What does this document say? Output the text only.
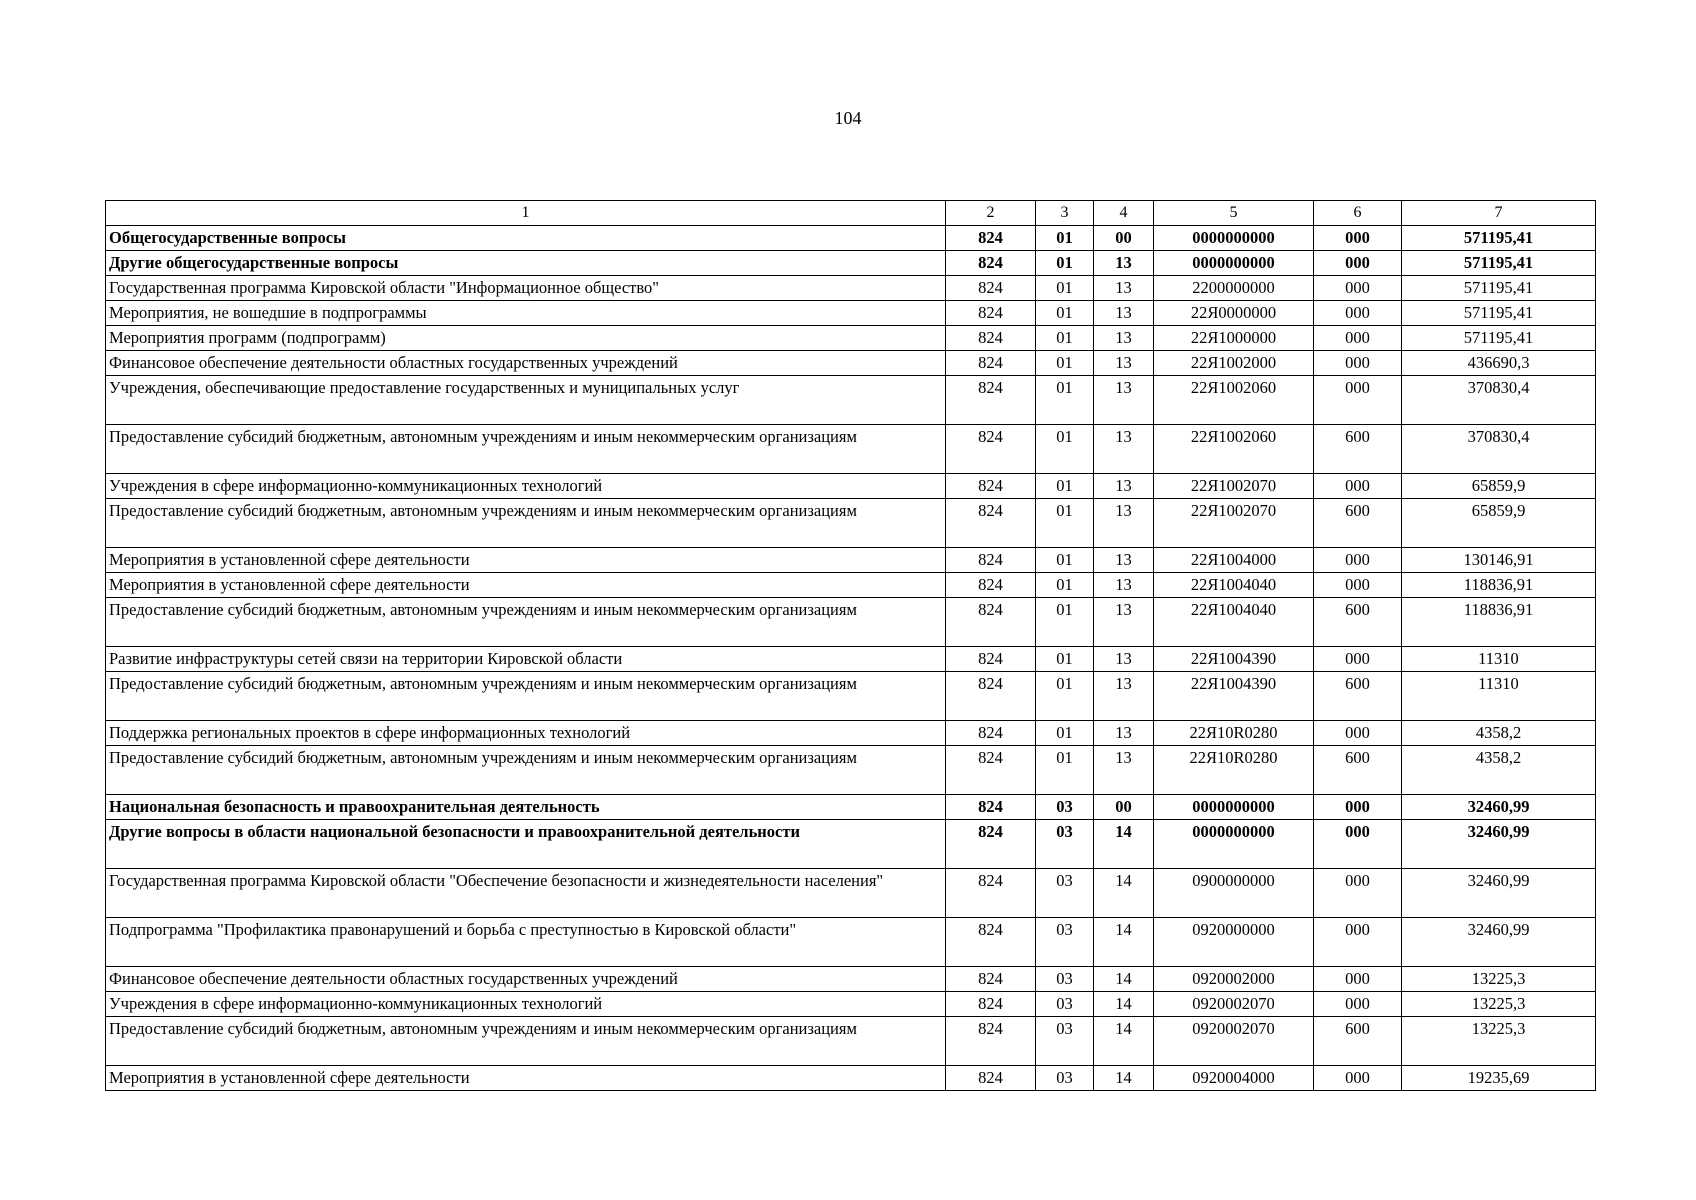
104
1	2	3	4	5	6	7
Общегосударственные вопросы	824	01	00	0000000000	000	571195,41
Другие общегосударственные вопросы	824	01	13	0000000000	000	571195,41
Государственная программа Кировской области "Информационное общество"	824	01	13	2200000000	000	571195,41
Мероприятия, не вошедшие в подпрограммы	824	01	13	22Я0000000	000	571195,41
Мероприятия программ (подпрограмм)	824	01	13	22Я1000000	000	571195,41
Финансовое обеспечение деятельности областных государственных учреждений	824	01	13	22Я1002000	000	436690,3
Учреждения, обеспечивающие предоставление государственных и муниципальных услуг	824	01	13	22Я1002060	000	370830,4
Предоставление субсидий бюджетным, автономным учреждениям и иным некоммерческим организациям	824	01	13	22Я1002060	600	370830,4
Учреждения в сфере информационно-коммуникационных технологий	824	01	13	22Я1002070	000	65859,9
Предоставление субсидий бюджетным, автономным учреждениям и иным некоммерческим организациям	824	01	13	22Я1002070	600	65859,9
Мероприятия в установленной сфере деятельности	824	01	13	22Я1004000	000	130146,91
Мероприятия в установленной сфере деятельности	824	01	13	22Я1004040	000	118836,91
Предоставление субсидий бюджетным, автономным учреждениям и иным некоммерческим организациям	824	01	13	22Я1004040	600	118836,91
Развитие инфраструктуры сетей связи на территории Кировской области	824	01	13	22Я1004390	000	11310
Предоставление субсидий бюджетным, автономным учреждениям и иным некоммерческим организациям	824	01	13	22Я1004390	600	11310
Поддержка региональных проектов в сфере информационных технологий	824	01	13	22Я10R0280	000	4358,2
Предоставление субсидий бюджетным, автономным учреждениям и иным некоммерческим организациям	824	01	13	22Я10R0280	600	4358,2
Национальная безопасность и правоохранительная деятельность	824	03	00	0000000000	000	32460,99
Другие вопросы в области национальной безопасности и правоохранительной деятельности	824	03	14	0000000000	000	32460,99
Государственная программа Кировской области "Обеспечение безопасности и жизнедеятельности населения"	824	03	14	0900000000	000	32460,99
Подпрограмма "Профилактика правонарушений и борьба с преступностью в Кировской области"	824	03	14	0920000000	000	32460,99
Финансовое обеспечение деятельности областных государственных учреждений	824	03	14	0920002000	000	13225,3
Учреждения в сфере информационно-коммуникационных технологий	824	03	14	0920002070	000	13225,3
Предоставление субсидий бюджетным, автономным учреждениям и иным некоммерческим организациям	824	03	14	0920002070	600	13225,3
Мероприятия в установленной сфере деятельности	824	03	14	0920004000	000	19235,69
